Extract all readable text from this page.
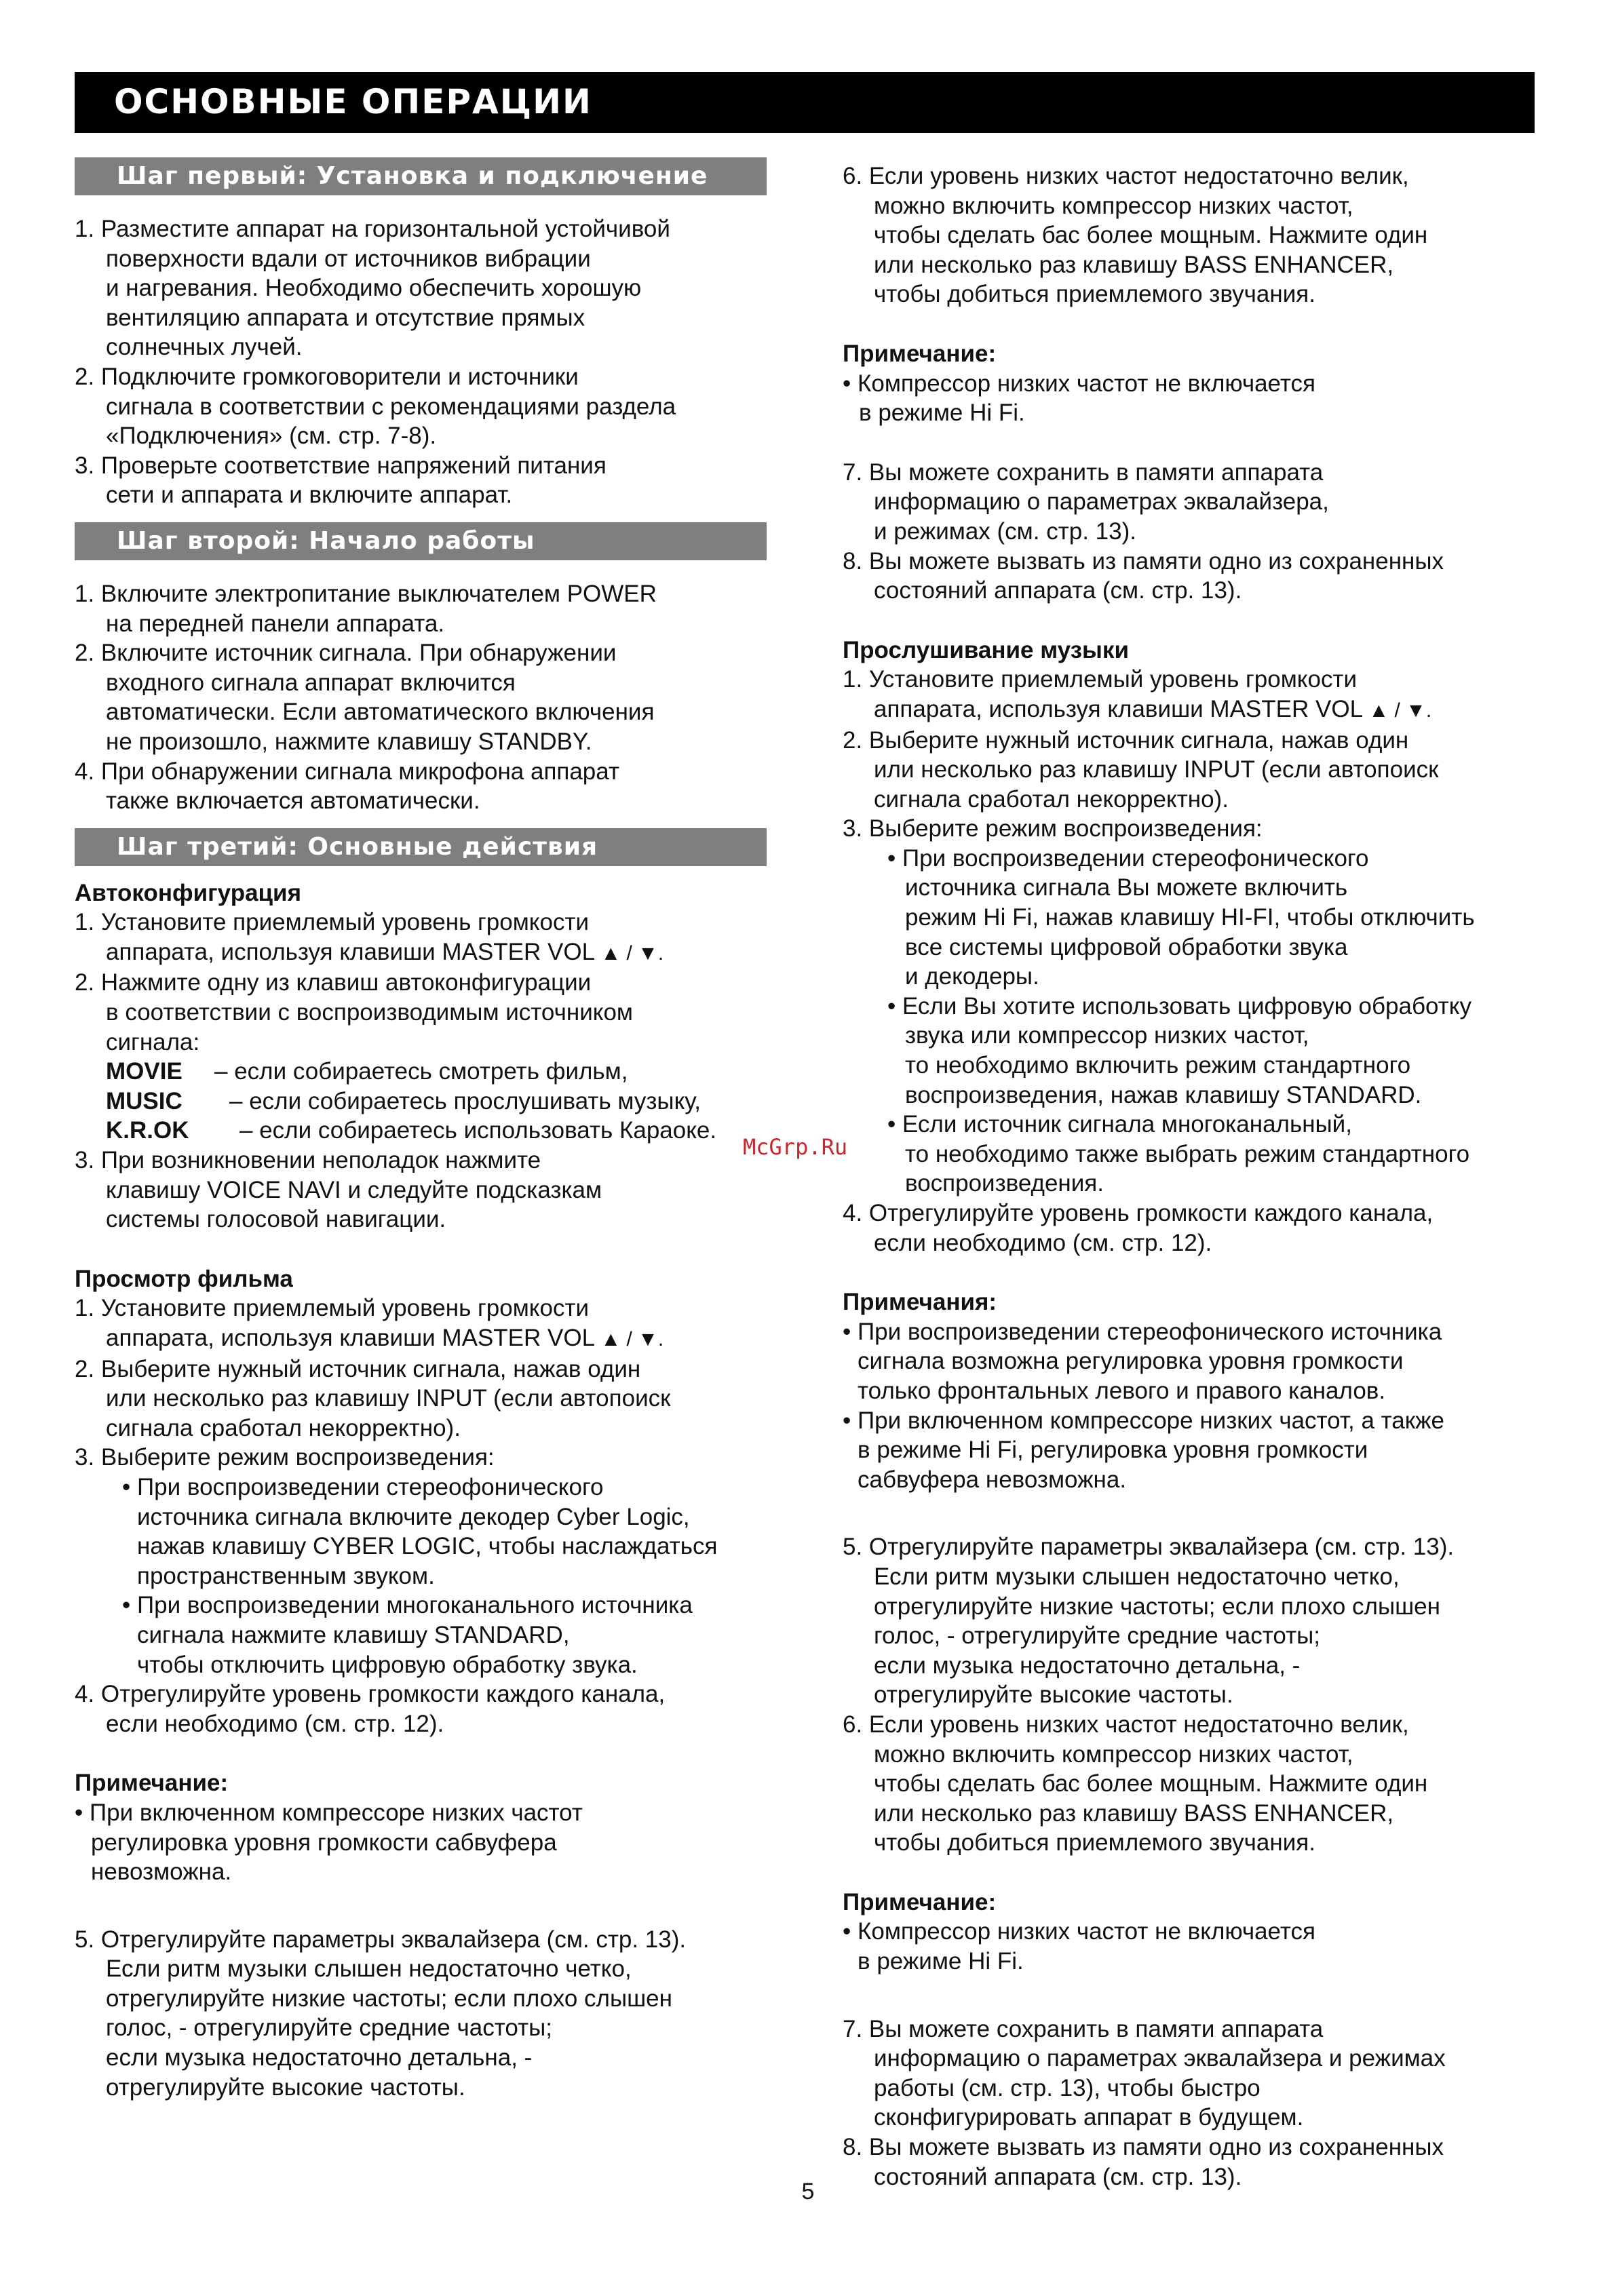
ОСНОВНЫЕ ОПЕРАЦИИ
Шаг первый: Установка и подключение
1. Разместите аппарат на горизонтальной устойчивой
поверхности вдали от источников вибрации
и нагревания. Необходимо обеспечить хорошую
вентиляцию аппарата и отсутствие прямых
солнечных лучей.
2. Подключите громкоговорители и источники
сигнала в соответствии с рекомендациями раздела
«Подключения» (см. стр. 7-8).
3. Проверьте соответствие напряжений питания
сети и аппарата и включите аппарат.
Шаг второй: Начало работы
1. Включите электропитание выключателем POWER
на передней панели аппарата.
2. Включите источник сигнала. При обнаружении
входного сигнала аппарат включится
автоматически. Если автоматического включения
не произошло, нажмите клавишу STANDBY.
4. При обнаружении сигнала микрофона аппарат
также включается автоматически.
Шаг третий: Основные действия
Автоконфигурация
1. Установите приемлемый уровень громкости
аппарата, используя клавиши MASTER VOL ▲ / ▼.
2. Нажмите одну из клавиш автоконфигурации
в соответствии с воспроизводимым источником
сигнала:
MOVIE – если собираетесь смотреть фильм,
MUSIC – если собираетесь прослушивать музыку,
K.R.OK – если собираетесь использовать Караоке.
3. При возникновении неполадок нажмите
клавишу VOICE NAVI и следуйте подсказкам
системы голосовой навигации.
Просмотр фильма
1. Установите приемлемый уровень громкости
аппарата, используя клавиши MASTER VOL ▲ / ▼.
2. Выберите нужный источник сигнала, нажав один
или несколько раз клавишу INPUT (если автопоиск
сигнала сработал некорректно).
3. Выберите режим воспроизведения:
• При воспроизведении стереофонического
источника сигнала включите декодер Cyber Logic,
нажав клавишу CYBER LOGIC, чтобы наслаждаться
пространственным звуком.
• При воспроизведении многоканального источника
сигнала нажмите клавишу STANDARD,
чтобы отключить цифровую обработку звука.
4. Отрегулируйте уровень громкости каждого канала,
если необходимо (см. стр. 12).
Примечание:
• При включенном компрессоре низких частот
регулировка уровня громкости сабвуфера
невозможна.
5. Отрегулируйте параметры эквалайзера (см. стр. 13).
Если ритм музыки слышен недостаточно четко,
отрегулируйте низкие частоты; если плохо слышен
голос, - отрегулируйте средние частоты;
если музыка недостаточно детальна, -
отрегулируйте высокие частоты.
6. Если уровень низких частот недостаточно велик,
можно включить компрессор низких частот,
чтобы сделать бас более мощным. Нажмите один
или несколько раз клавишу BASS ENHANCER,
чтобы добиться приемлемого звучания.
Примечание:
• Компрессор низких частот не включается
в режиме Hi Fi.
7. Вы можете сохранить в памяти аппарата
информацию о параметрах эквалайзера,
и режимах (см. стр. 13).
8. Вы можете вызвать из памяти одно из сохраненных
состояний аппарата (см. стр. 13).
Прослушивание музыки
1. Установите приемлемый уровень громкости
аппарата, используя клавиши MASTER VOL ▲ / ▼.
2. Выберите нужный источник сигнала, нажав один
или несколько раз клавишу INPUT (если автопоиск
сигнала сработал некорректно).
3. Выберите режим воспроизведения:
• При воспроизведении стереофонического
источника сигнала Вы можете включить
режим Hi Fi, нажав клавишу HI-FI, чтобы отключить
все системы цифровой обработки звука
и декодеры.
• Если Вы хотите использовать цифровую обработку
звука или компрессор низких частот,
то необходимо включить режим стандартного
воспроизведения, нажав клавишу STANDARD.
• Если источник сигнала многоканальный,
то необходимо также выбрать режим стандартного
воспроизведения.
4. Отрегулируйте уровень громкости каждого канала,
если необходимо (см. стр. 12).
Примечания:
• При воспроизведении стереофонического источника
сигнала возможна регулировка уровня громкости
только фронтальных левого и правого каналов.
• При включенном компрессоре низких частот, а также
в режиме Hi Fi, регулировка уровня громкости
сабвуфера невозможна.
5. Отрегулируйте параметры эквалайзера (см. стр. 13).
Если ритм музыки слышен недостаточно четко,
отрегулируйте низкие частоты; если плохо слышен
голос, - отрегулируйте средние частоты;
если музыка недостаточно детальна, -
отрегулируйте высокие частоты.
6. Если уровень низких частот недостаточно велик,
можно включить компрессор низких частот,
чтобы сделать бас более мощным. Нажмите один
или несколько раз клавишу BASS ENHANCER,
чтобы добиться приемлемого звучания.
Примечание:
• Компрессор низких частот не включается
в режиме Hi Fi.
7. Вы можете сохранить в памяти аппарата
информацию о параметрах эквалайзера и режимах
работы (см. стр. 13), чтобы быстро
сконфигурировать аппарат в будущем.
8. Вы можете вызвать из памяти одно из сохраненных
состояний аппарата (см. стр. 13).
McGrp.Ru
5
